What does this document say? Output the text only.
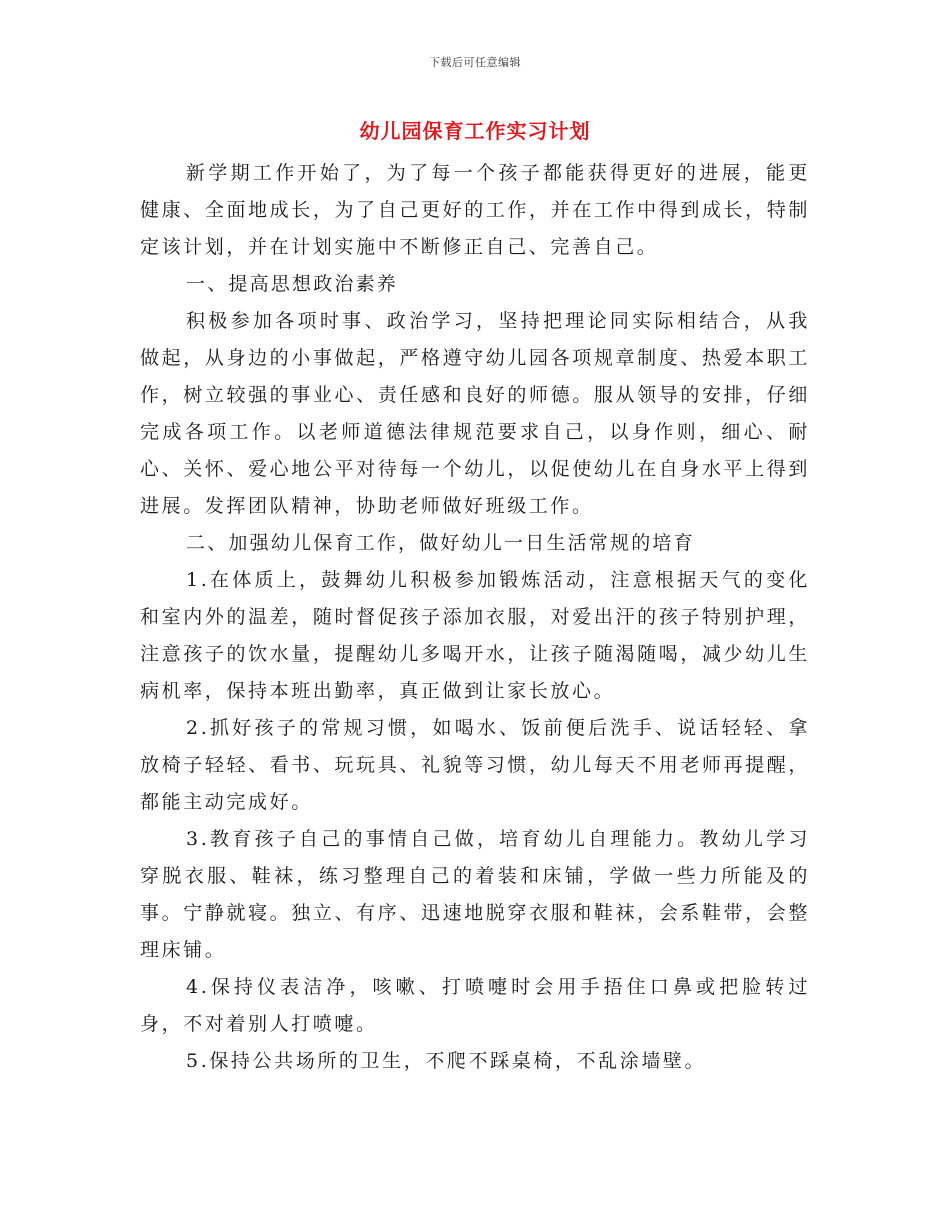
下载后可任意编辑
幼儿园保育工作实习计划

新学期工作开始了，为了每一个孩子都能获得更好的进展，能更健康、全面地成长，为了自己更好的工作，并在工作中得到成长，特制定该计划，并在计划实施中不断修正自己、完善自己。

一、提高思想政治素养

积极参加各项时事、政治学习，坚持把理论同实际相结合，从我做起，从身边的小事做起，严格遵守幼儿园各项规章制度、热爱本职工作，树立较强的事业心、责任感和良好的师德。服从领导的安排，仔细完成各项工作。以老师道德法律规范要求自己，以身作则，细心、耐心、关怀、爱心地公平对待每一个幼儿，以促使幼儿在自身水平上得到进展。发挥团队精神，协助老师做好班级工作。

二、加强幼儿保育工作，做好幼儿一日生活常规的培育

1.在体质上，鼓舞幼儿积极参加锻炼活动，注意根据天气的变化和室内外的温差，随时督促孩子添加衣服，对爱出汗的孩子特别护理，注意孩子的饮水量，提醒幼儿多喝开水，让孩子随渴随喝，减少幼儿生病机率，保持本班出勤率，真正做到让家长放心。

2.抓好孩子的常规习惯，如喝水、饭前便后洗手、说话轻轻、拿放椅子轻轻、看书、玩玩具、礼貌等习惯，幼儿每天不用老师再提醒，都能主动完成好。

3.教育孩子自己的事情自己做，培育幼儿自理能力。教幼儿学习穿脱衣服、鞋袜，练习整理自己的着装和床铺，学做一些力所能及的事。宁静就寝。独立、有序、迅速地脱穿衣服和鞋袜，会系鞋带，会整理床铺。

4.保持仪表洁净，咳嗽、打喷嚏时会用手捂住口鼻或把脸转过身，不对着别人打喷嚏。

5.保持公共场所的卫生，不爬不踩桌椅，不乱涂墙壁。
